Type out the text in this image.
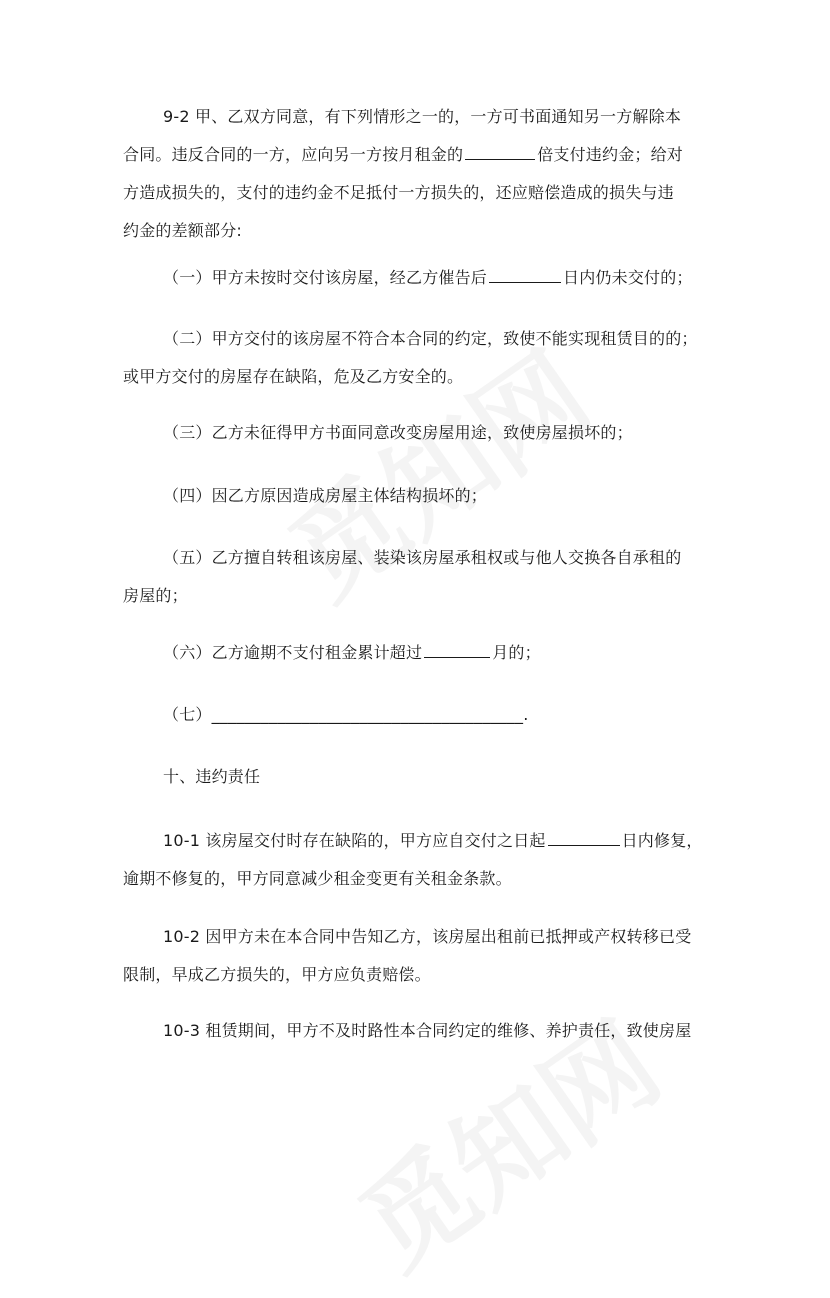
9-2 甲、乙双方同意，有下列情形之一的，一方可书面通知另一方解除本
合同。违反合同的一方，应向另一方按月租金的	倍支付违约金；给对
方造成损失的，支付的违约金不足抵付一方损失的，还应赔偿造成的损失与违
约金的差额部分:
（一）甲方未按时交付该房屋，经乙方催告后	日内仍未交付的；
（二）甲方交付的该房屋不符合本合同的约定，致使不能实现租赁目的的；
或甲方交付的房屋存在缺陷，危及乙方安全的。
（三）乙方未征得甲方书面同意改变房屋用途，致使房屋损坏的；
（四）因乙方原因造成房屋主体结构损坏的；
（五）乙方擅自转租该房屋、装染该房屋承租权或与他人交换各自承租的
房屋的；
（六）乙方逾期不支付租金累计超过	月的；
（七）______________________________________.
十、违约责任
10-1 该房屋交付时存在缺陷的，甲方应自交付之日起	日内修复，
逾期不修复的，甲方同意减少租金变更有关租金条款。
10-2 因甲方未在本合同中告知乙方，该房屋出租前已抵押或产权转移已受
限制，早成乙方损失的，甲方应负责赔偿。
10-3 租赁期间，甲方不及时路性本合同约定的维修、养护责任，致使房屋
